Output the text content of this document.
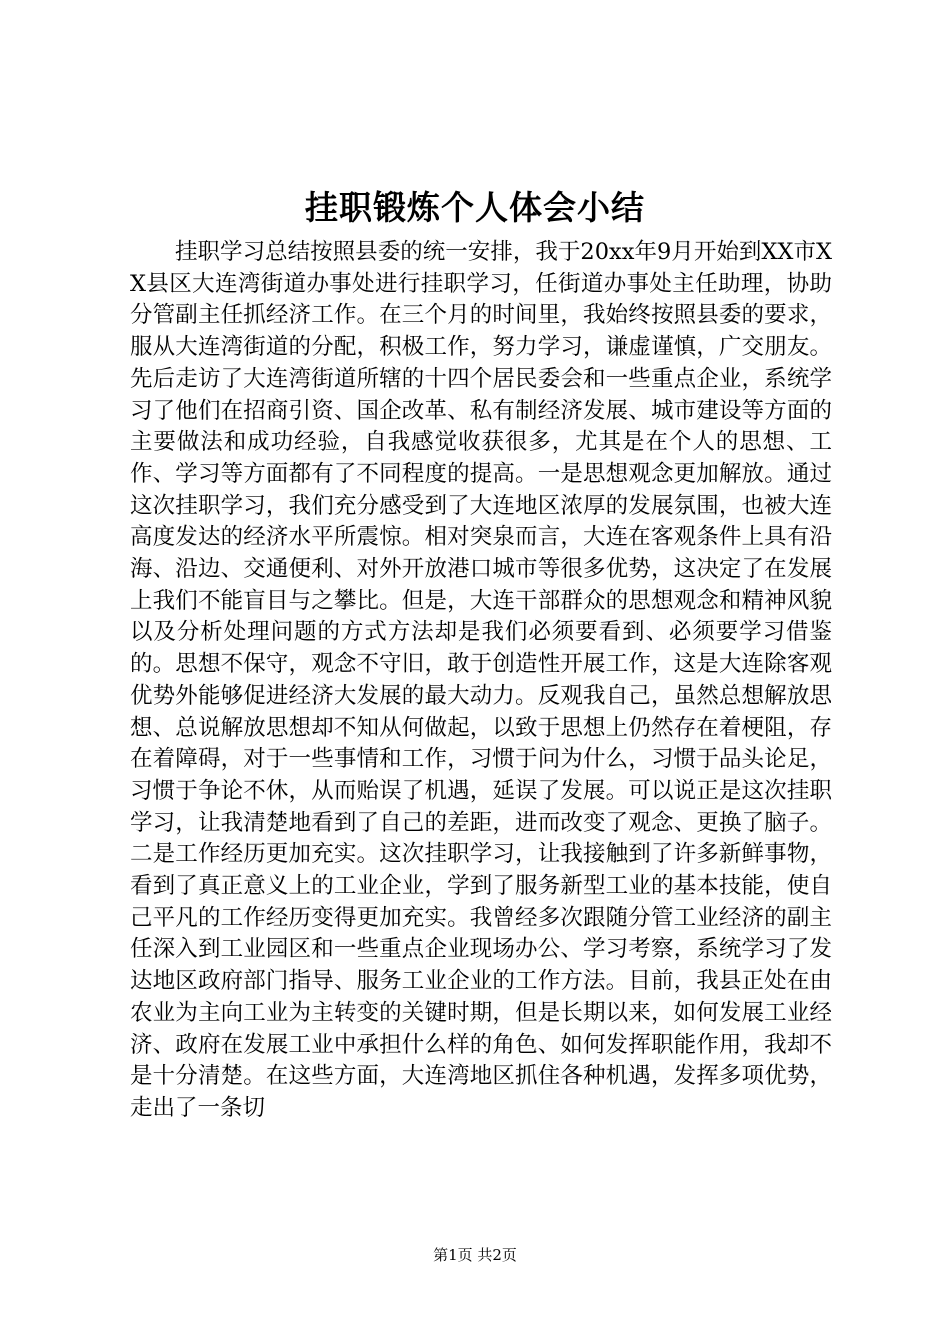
挂职锻炼个人体会小结

挂职学习总结按照县委的统一安排，我于20xx年9月开始到XX市XX县区大连湾街道办事处进行挂职学习，任街道办事处主任助理，协助分管副主任抓经济工作。在三个月的时间里，我始终按照县委的要求，服从大连湾街道的分配，积极工作，努力学习，谦虚谨慎，广交朋友。先后走访了大连湾街道所辖的十四个居民委会和一些重点企业，系统学习了他们在招商引资、国企改革、私有制经济发展、城市建设等方面的主要做法和成功经验，自我感觉收获很多，尤其是在个人的思想、工作、学习等方面都有了不同程度的提高。一是思想观念更加解放。通过这次挂职学习，我们充分感受到了大连地区浓厚的发展氛围，也被大连高度发达的经济水平所震惊。相对突泉而言，大连在客观条件上具有沿海、沿边、交通便利、对外开放港口城市等很多优势，这决定了在发展上我们不能盲目与之攀比。但是，大连干部群众的思想观念和精神风貌以及分析处理问题的方式方法却是我们必须要看到、必须要学习借鉴的。思想不保守，观念不守旧，敢于创造性开展工作，这是大连除客观优势外能够促进经济大发展的最大动力。反观我自己，虽然总想解放思想、总说解放思想却不知从何做起，以致于思想上仍然存在着梗阻，存在着障碍，对于一些事情和工作，习惯于问为什么，习惯于品头论足，习惯于争论不休，从而贻误了机遇，延误了发展。可以说正是这次挂职学习，让我清楚地看到了自己的差距，进而改变了观念、更换了脑子。二是工作经历更加充实。这次挂职学习，让我接触到了许多新鲜事物，看到了真正意义上的工业企业，学到了服务新型工业的基本技能，使自己平凡的工作经历变得更加充实。我曾经多次跟随分管工业经济的副主任深入到工业园区和一些重点企业现场办公、学习考察，系统学习了发达地区政府部门指导、服务工业企业的工作方法。目前，我县正处在由农业为主向工业为主转变的关键时期，但是长期以来，如何发展工业经济、政府在发展工业中承担什么样的角色、如何发挥职能作用，我却不是十分清楚。在这些方面，大连湾地区抓住各种机遇，发挥多项优势，走出了一条切

第1页 共2页
